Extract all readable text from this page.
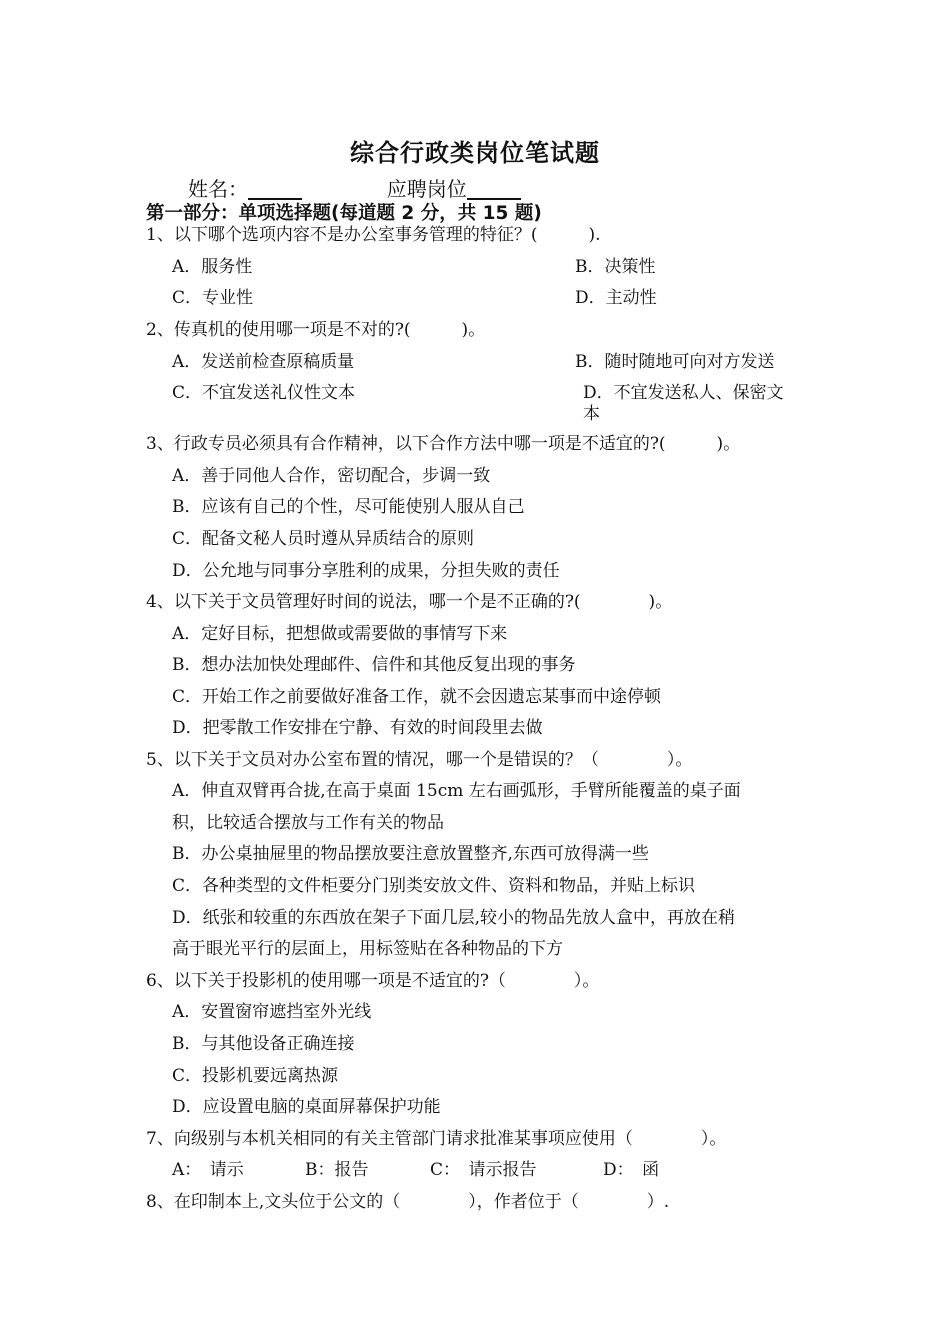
综合行政类岗位笔试题
姓名：	应聘岗位
第一部分：单项选择题(每道题 2 分，共 15 题)
1、以下哪个选项内容不是办公室事务管理的特征？(　　　).
A．服务性	B．决策性
C．专业性	D．主动性
2、传真机的使用哪一项是不对的?(　　　)。
A．发送前检查原稿质量	B．随时随地可向对方发送
C．不宜发送礼仪性文本	D．不宜发送私人、保密文
本
3、行政专员必须具有合作精神，以下合作方法中哪一项是不适宜的?(　　　)。
A．善于同他人合作，密切配合，步调一致
B．应该有自己的个性，尽可能使别人服从自己
C．配备文秘人员时遵从异质结合的原则
D．公允地与同事分享胜利的成果，分担失败的责任
4、以下关于文员管理好时间的说法，哪一个是不正确的?(　　　　)。
A．定好目标，把想做或需要做的事情写下来
B．想办法加快处理邮件、信件和其他反复出现的事务
C．开始工作之前要做好准备工作，就不会因遗忘某事而中途停顿
D．把零散工作安排在宁静、有效的时间段里去做
5、以下关于文员对办公室布置的情况，哪一个是错误的？（　　　　）。
A．伸直双臂再合拢,在高于桌面 15cm 左右画弧形，手臂所能覆盖的桌子面
积，比较适合摆放与工作有关的物品
B．办公桌抽屉里的物品摆放要注意放置整齐,东西可放得满一些
C．各种类型的文件柜要分门别类安放文件、资料和物品，并贴上标识
D．纸张和较重的东西放在架子下面几层,较小的物品先放人盒中，再放在稍
高于眼光平行的层面上，用标签贴在各种物品的下方
6、以下关于投影机的使用哪一项是不适宜的?（　　　　）。
A．安置窗帘遮挡室外光线
B．与其他设备正确连接
C．投影机要远离热源
D．应设置电脑的桌面屏幕保护功能
7、向级别与本机关相同的有关主管部门请求批准某事项应使用（　　　　）。
A：　请示	B：报告	C：　请示报告	D：　函
8、在印制本上,文头位于公文的（　　　　），作者位于（　　　　）.
